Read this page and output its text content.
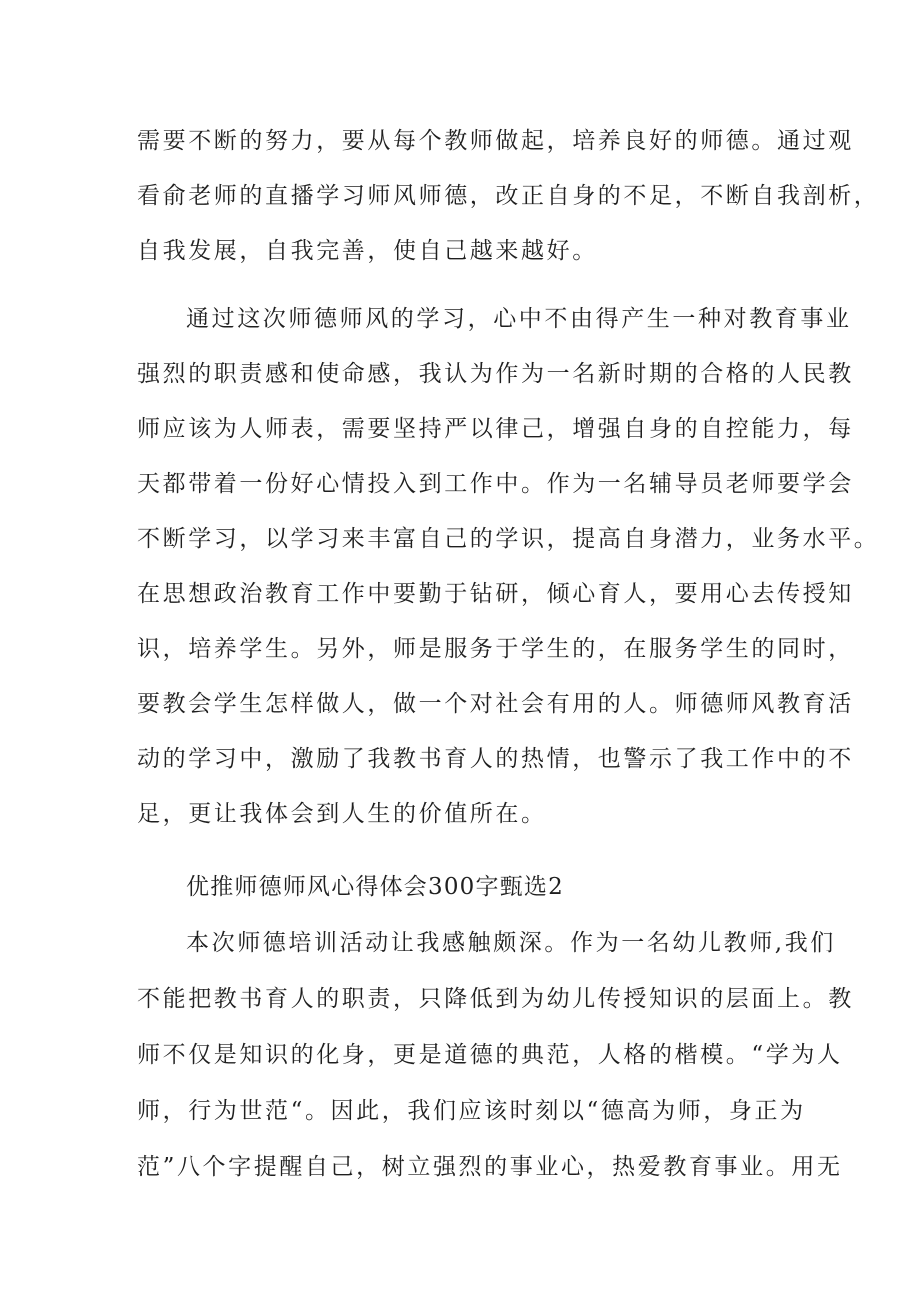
需要不断的努力，要从每个教师做起，培养良好的师德。通过观
看俞老师的直播学习师风师德，改正自身的不足，不断自我剖析，
自我发展，自我完善，使自己越来越好。
通过这次师德师风的学习，心中不由得产生一种对教育事业
强烈的职责感和使命感，我认为作为一名新时期的合格的人民教
师应该为人师表，需要坚持严以律己，增强自身的自控能力，每
天都带着一份好心情投入到工作中。作为一名辅导员老师要学会
不断学习，以学习来丰富自己的学识，提高自身潜力，业务水平。
在思想政治教育工作中要勤于钻研，倾心育人，要用心去传授知
识，培养学生。另外，师是服务于学生的，在服务学生的同时，
要教会学生怎样做人，做一个对社会有用的人。师德师风教育活
动的学习中，激励了我教书育人的热情，也警示了我工作中的不
足，更让我体会到人生的价值所在。
优推师德师风心得体会300字甄选2
本次师德培训活动让我感触颇深。作为一名幼儿教师,我们
不能把教书育人的职责，只降低到为幼儿传授知识的层面上。教
师不仅是知识的化身，更是道德的典范，人格的楷模。“学为人
师，行为世范“。因此，我们应该时刻以“德高为师，身正为
范”八个字提醒自己，树立强烈的事业心，热爱教育事业。用无
